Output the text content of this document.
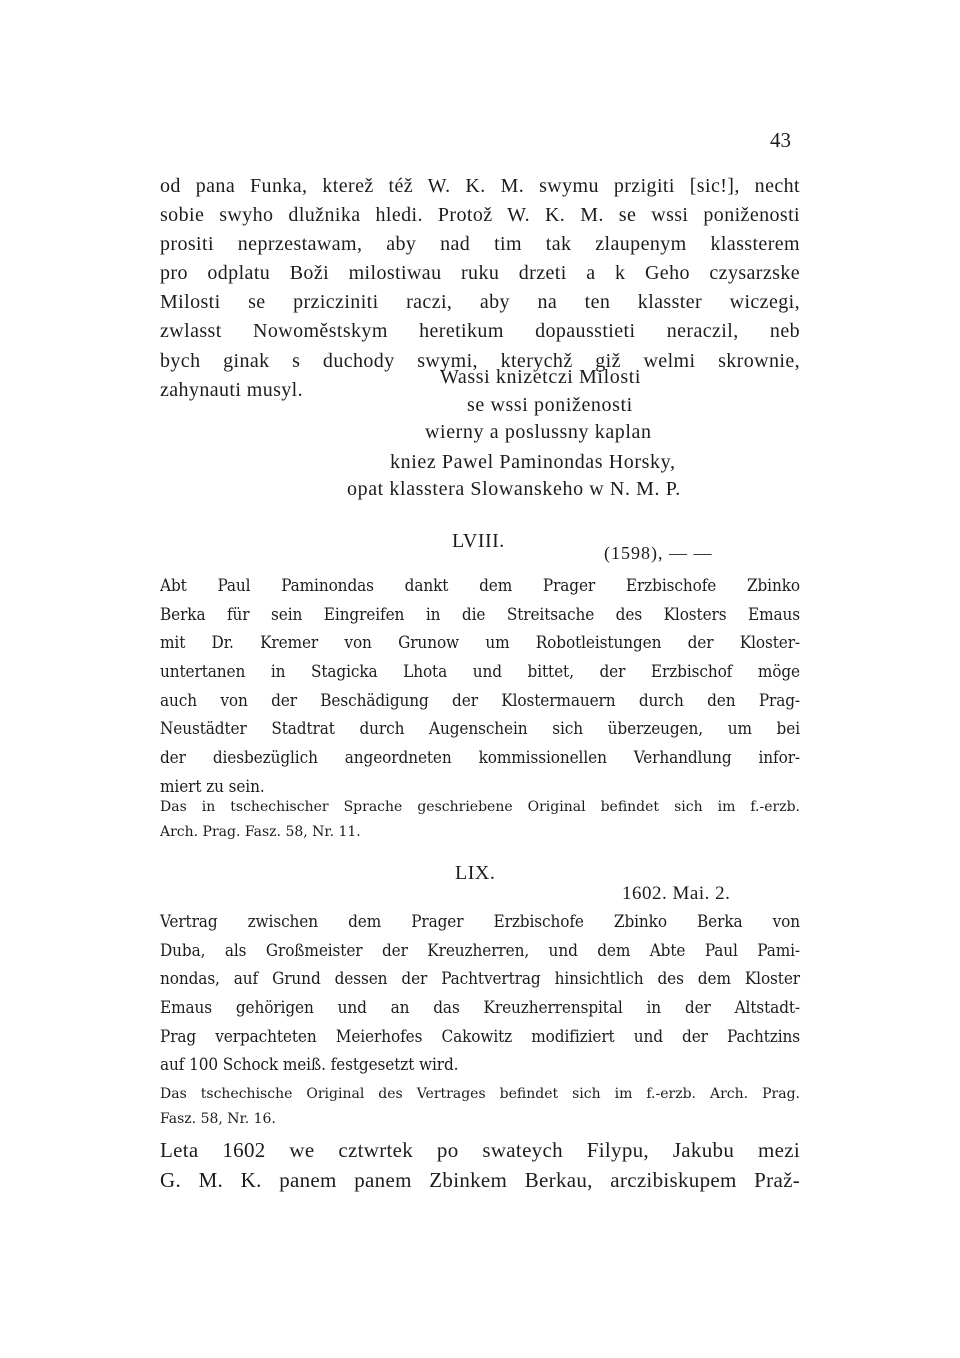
43
od pana Funka, kterež též W. K. M. swymu przigiti [sic!], necht
sobie swyho dlužnika hledi. Protož W. K. M. se wssi poniženosti
prositi neprzestawam, aby nad tim tak zlaupenym klassterem
pro odplatu Boži milostiwau ruku drzeti a k Geho czysarzske
Milosti se przicziniti raczi, aby na ten klasster wiczegi,
zwlasst Nowoměstskym heretikum dopausstieti neraczil, neb
bych ginak s duchody swymi, kterychž giž welmi skrownie,
zahynauti musyl.
Wassi knizetczi Milosti
se wssi poniženosti
wierny a poslussny kaplan
kniez Pawel Paminondas Horsky,
opat klasstera Slowanskeho w N. M. P.
LVIII.
(1598), — —
Abt Paul Paminondas dankt dem Prager Erzbischofe Zbinko
Berka für sein Eingreifen in die Streitsache des Klosters Emaus
mit Dr. Kremer von Grunow um Robotleistungen der Kloster-
untertanen in Stagicka Lhota und bittet, der Erzbischof möge
auch von der Beschädigung der Klostermauern durch den Prag-
Neustädter Stadtrat durch Augenschein sich überzeugen, um bei
der diesbezüglich angeordneten kommissionellen Verhandlung infor-
miert zu sein.
Das in tschechischer Sprache geschriebene Original befindet sich im f.-erzb.
Arch. Prag. Fasz. 58, Nr. 11.
LIX.
1602. Mai. 2.
Vertrag zwischen dem Prager Erzbischofe Zbinko Berka von
Duba, als Großmeister der Kreuzherren, und dem Abte Paul Pami-
nondas, auf Grund dessen der Pachtvertrag hinsichtlich des dem Kloster
Emaus gehörigen und an das Kreuzherrenspital in der Altstadt-
Prag verpachteten Meierhofes Cakowitz modifiziert und der Pachtzins
auf 100 Schock meiß. festgesetzt wird.
Das tschechische Original des Vertrages befindet sich im f.-erzb. Arch. Prag.
Fasz. 58, Nr. 16.
Leta 1602 we cztwrtek po swateych Filypu, Jakubu mezi
G. M. K. panem panem Zbinkem Berkau, arczibiskupem Praž-
